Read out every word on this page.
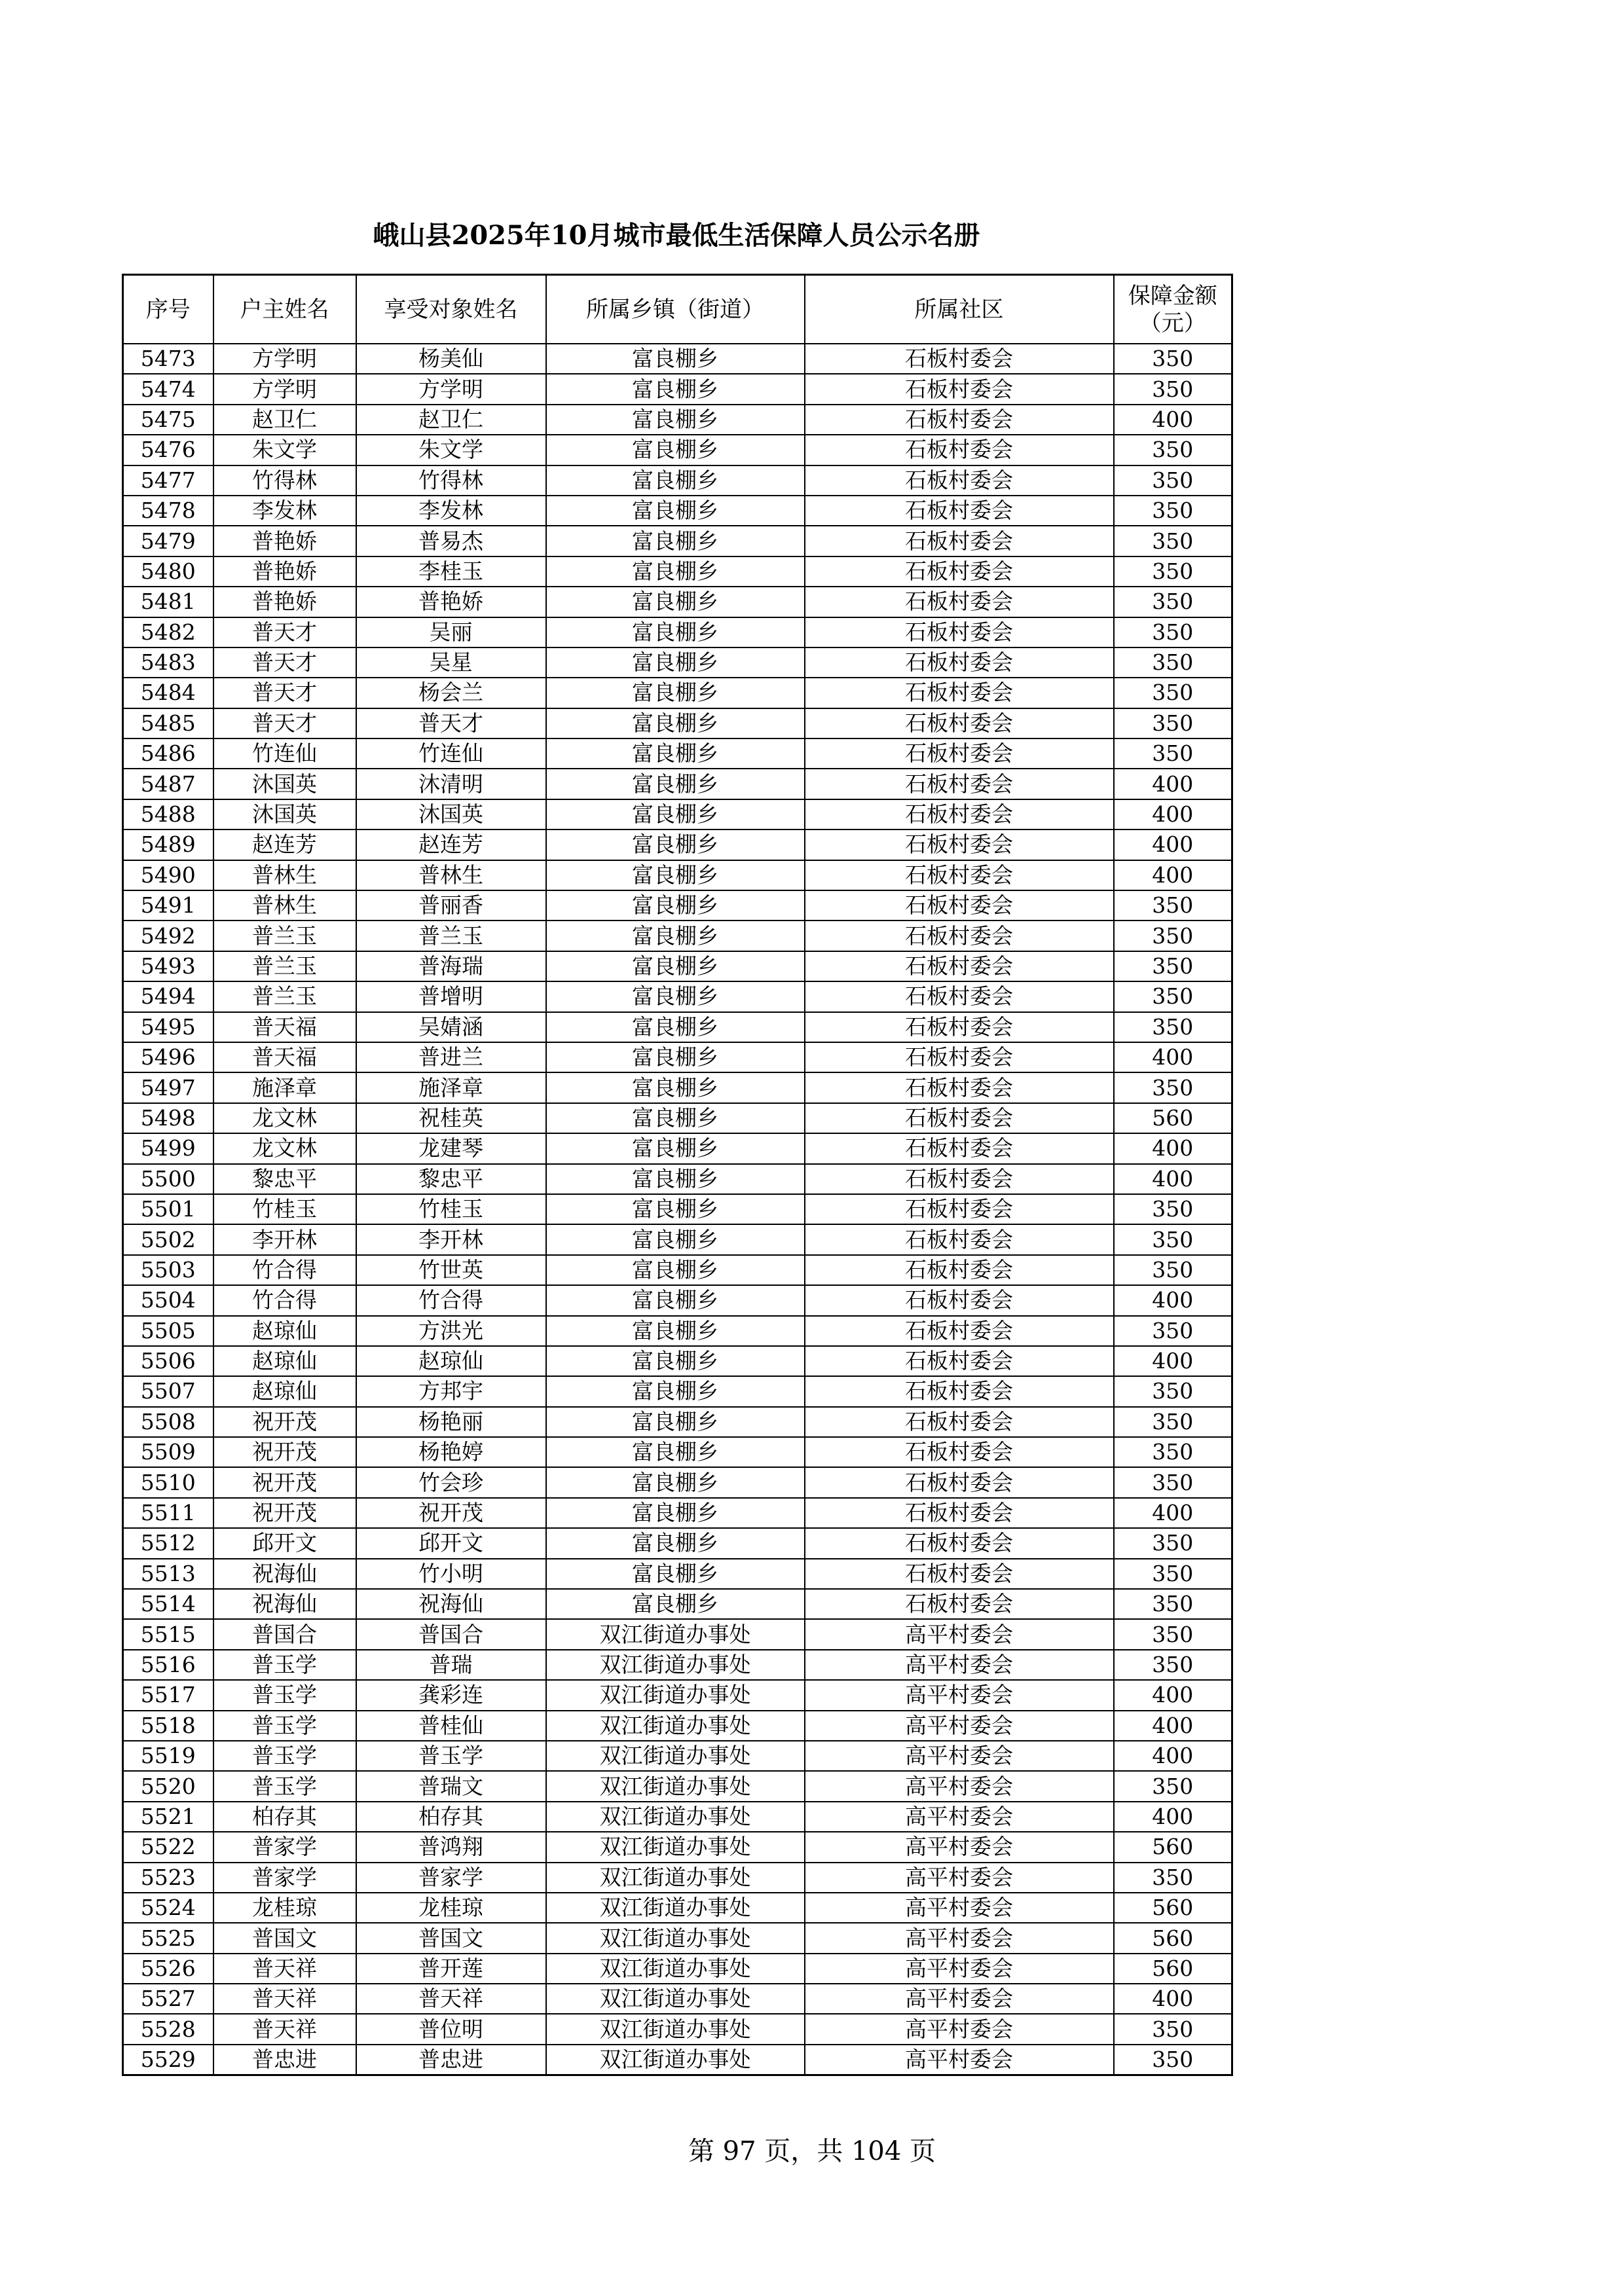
峨山县2025年10月城市最低生活保障人员公示名册
序号	户主姓名	享受对象姓名	所属乡镇（街道）	所属社区	保障金额（元）
5473	方学明	杨美仙	富良棚乡	石板村委会	350
5474	方学明	方学明	富良棚乡	石板村委会	350
5475	赵卫仁	赵卫仁	富良棚乡	石板村委会	400
5476	朱文学	朱文学	富良棚乡	石板村委会	350
5477	竹得林	竹得林	富良棚乡	石板村委会	350
5478	李发林	李发林	富良棚乡	石板村委会	350
5479	普艳娇	普易杰	富良棚乡	石板村委会	350
5480	普艳娇	李桂玉	富良棚乡	石板村委会	350
5481	普艳娇	普艳娇	富良棚乡	石板村委会	350
5482	普天才	吴丽	富良棚乡	石板村委会	350
5483	普天才	吴星	富良棚乡	石板村委会	350
5484	普天才	杨会兰	富良棚乡	石板村委会	350
5485	普天才	普天才	富良棚乡	石板村委会	350
5486	竹连仙	竹连仙	富良棚乡	石板村委会	350
5487	沐国英	沐清明	富良棚乡	石板村委会	400
5488	沐国英	沐国英	富良棚乡	石板村委会	400
5489	赵连芳	赵连芳	富良棚乡	石板村委会	400
5490	普林生	普林生	富良棚乡	石板村委会	400
5491	普林生	普丽香	富良棚乡	石板村委会	350
5492	普兰玉	普兰玉	富良棚乡	石板村委会	350
5493	普兰玉	普海瑞	富良棚乡	石板村委会	350
5494	普兰玉	普增明	富良棚乡	石板村委会	350
5495	普天福	吴婧涵	富良棚乡	石板村委会	350
5496	普天福	普进兰	富良棚乡	石板村委会	400
5497	施泽章	施泽章	富良棚乡	石板村委会	350
5498	龙文林	祝桂英	富良棚乡	石板村委会	560
5499	龙文林	龙建琴	富良棚乡	石板村委会	400
5500	黎忠平	黎忠平	富良棚乡	石板村委会	400
5501	竹桂玉	竹桂玉	富良棚乡	石板村委会	350
5502	李开林	李开林	富良棚乡	石板村委会	350
5503	竹合得	竹世英	富良棚乡	石板村委会	350
5504	竹合得	竹合得	富良棚乡	石板村委会	400
5505	赵琼仙	方洪光	富良棚乡	石板村委会	350
5506	赵琼仙	赵琼仙	富良棚乡	石板村委会	400
5507	赵琼仙	方邦宇	富良棚乡	石板村委会	350
5508	祝开茂	杨艳丽	富良棚乡	石板村委会	350
5509	祝开茂	杨艳婷	富良棚乡	石板村委会	350
5510	祝开茂	竹会珍	富良棚乡	石板村委会	350
5511	祝开茂	祝开茂	富良棚乡	石板村委会	400
5512	邱开文	邱开文	富良棚乡	石板村委会	350
5513	祝海仙	竹小明	富良棚乡	石板村委会	350
5514	祝海仙	祝海仙	富良棚乡	石板村委会	350
5515	普国合	普国合	双江街道办事处	高平村委会	350
5516	普玉学	普瑞	双江街道办事处	高平村委会	350
5517	普玉学	龚彩连	双江街道办事处	高平村委会	400
5518	普玉学	普桂仙	双江街道办事处	高平村委会	400
5519	普玉学	普玉学	双江街道办事处	高平村委会	400
5520	普玉学	普瑞文	双江街道办事处	高平村委会	350
5521	柏存其	柏存其	双江街道办事处	高平村委会	400
5522	普家学	普鸿翔	双江街道办事处	高平村委会	560
5523	普家学	普家学	双江街道办事处	高平村委会	350
5524	龙桂琼	龙桂琼	双江街道办事处	高平村委会	560
5525	普国文	普国文	双江街道办事处	高平村委会	560
5526	普天祥	普开莲	双江街道办事处	高平村委会	560
5527	普天祥	普天祥	双江街道办事处	高平村委会	400
5528	普天祥	普位明	双江街道办事处	高平村委会	350
5529	普忠进	普忠进	双江街道办事处	高平村委会	350
第 97 页，共 104 页
